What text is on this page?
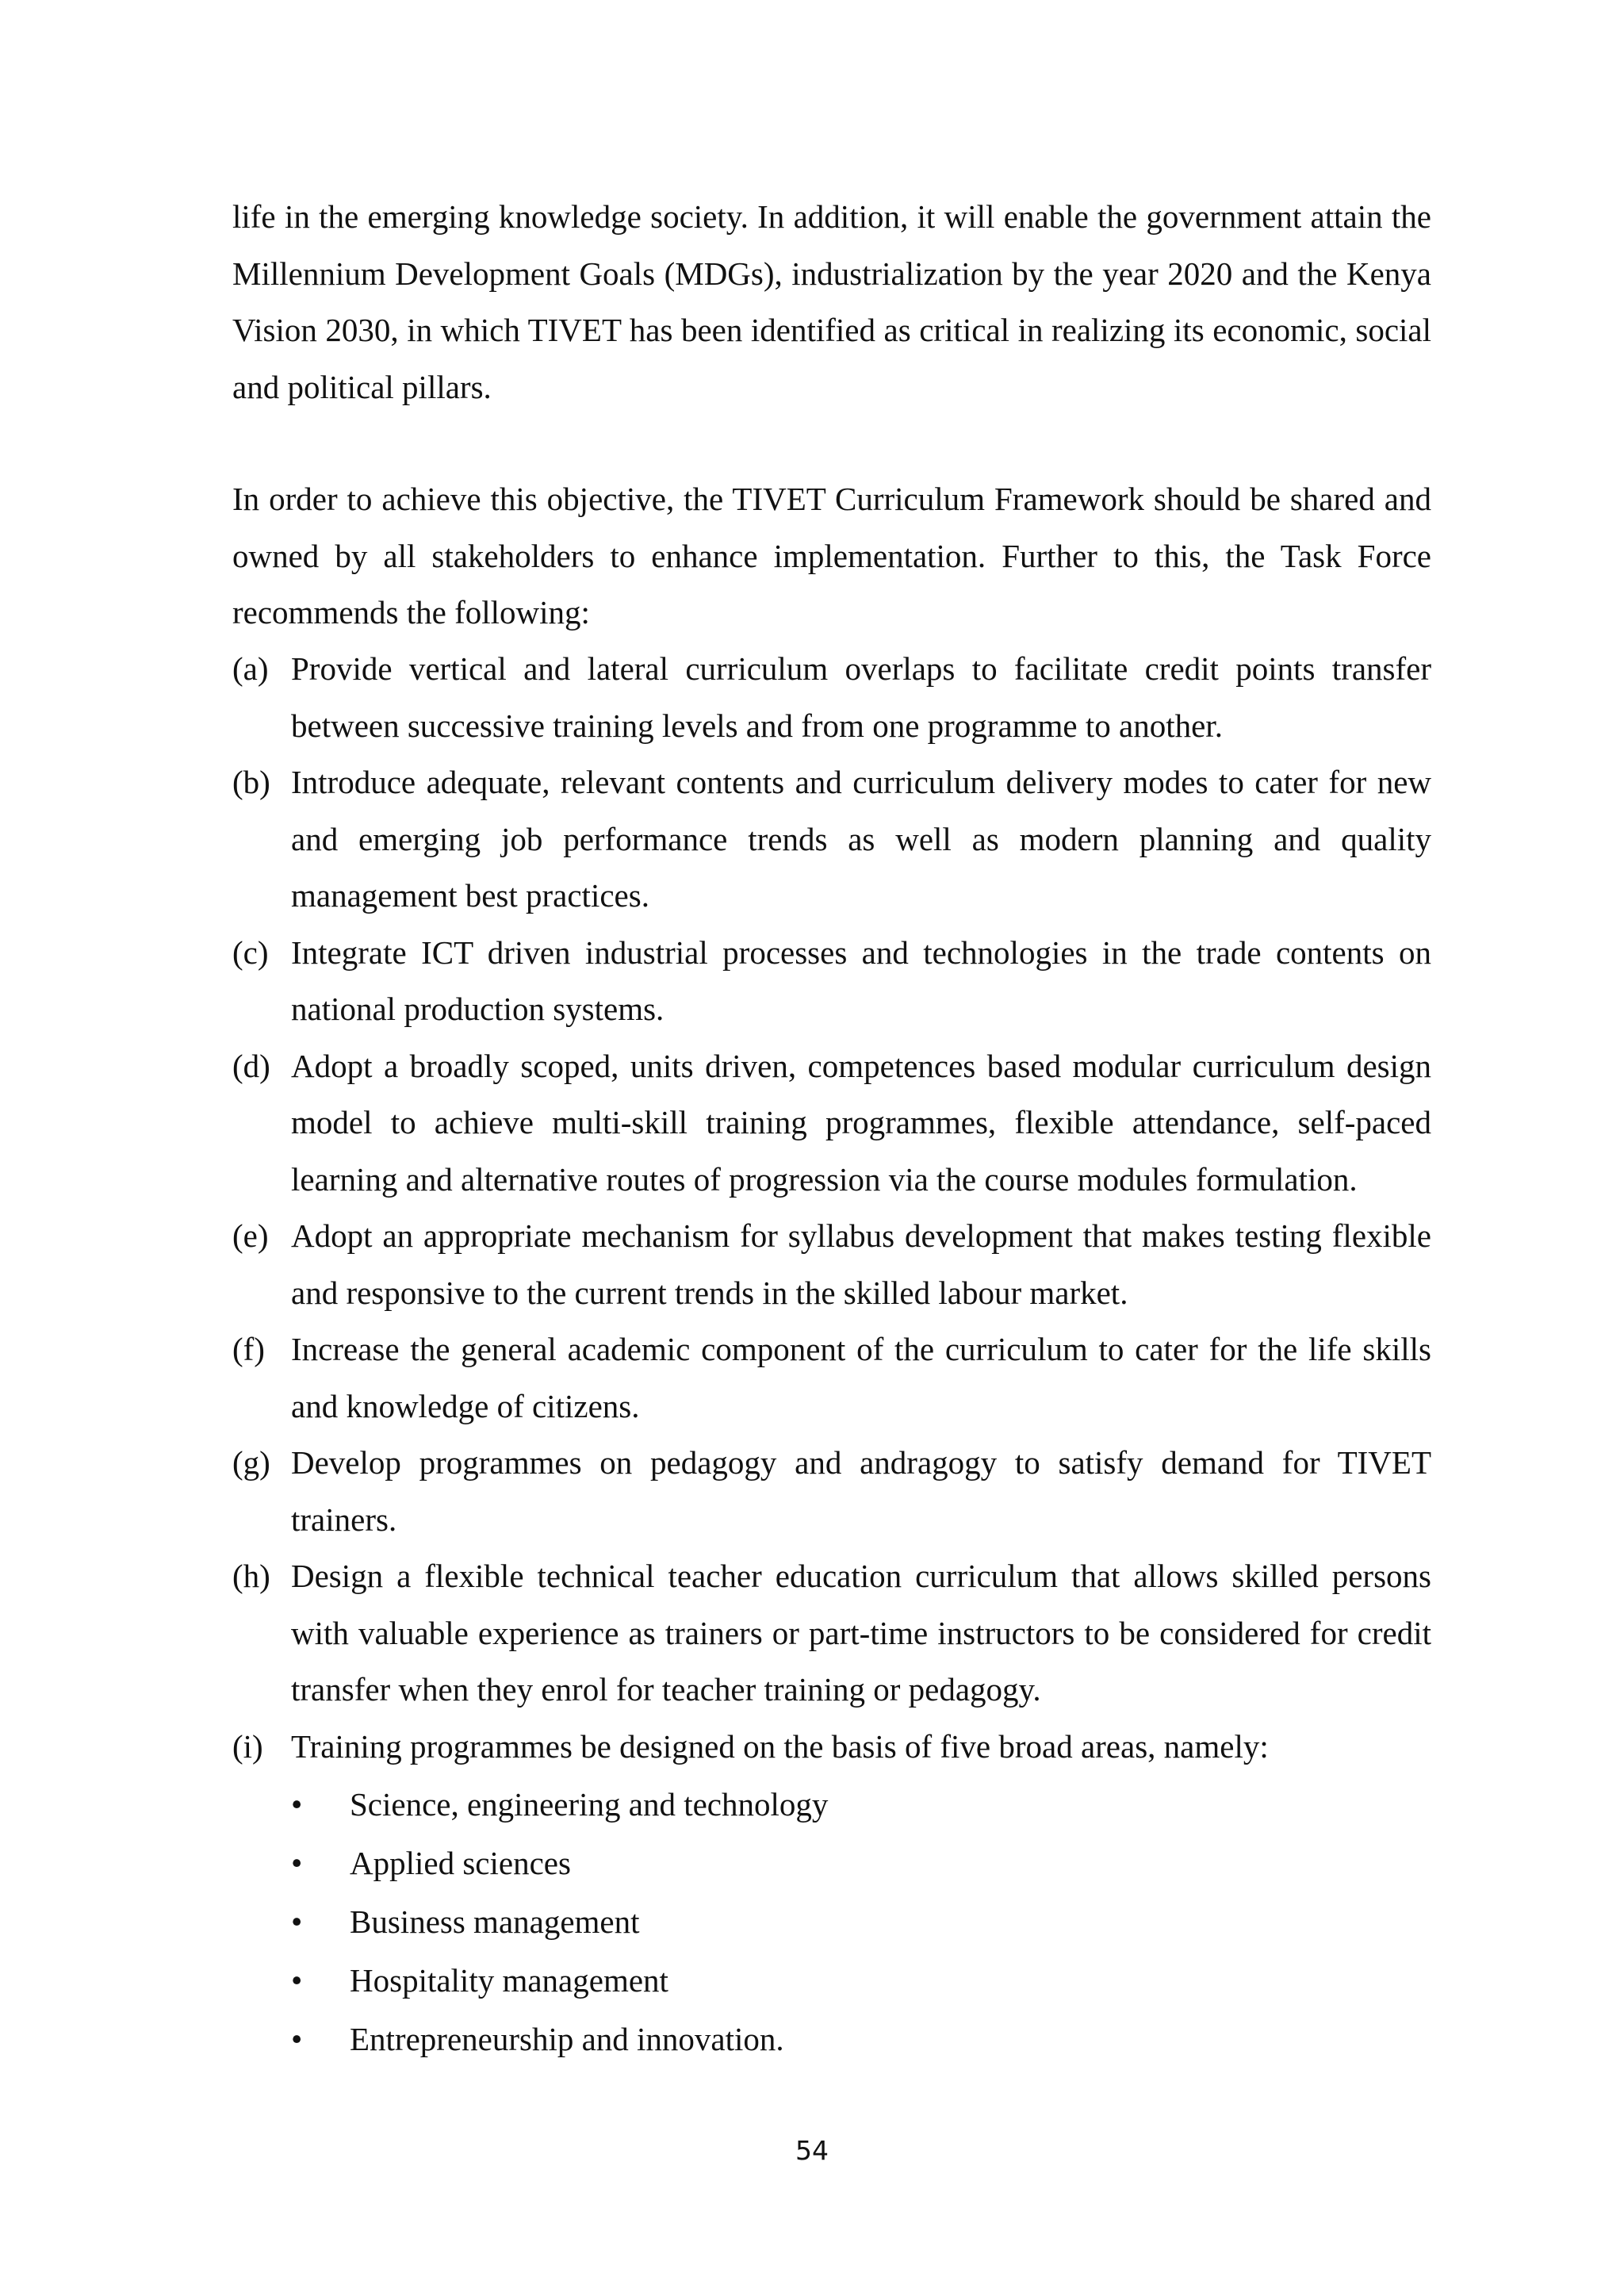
life in the emerging knowledge society. In addition, it will enable the government attain the Millennium Development Goals (MDGs), industrialization by the year 2020 and the Kenya Vision 2030, in which TIVET has been identified as critical in realizing its economic, social and political pillars.

In order to achieve this objective, the TIVET Curriculum Framework should be shared and owned by all stakeholders to enhance implementation. Further to this, the Task Force recommends the following:

(a) Provide vertical and lateral curriculum overlaps to facilitate credit points transfer between successive training levels and from one programme to another.
(b) Introduce adequate, relevant contents and curriculum delivery modes to cater for new and emerging job performance trends as well as modern planning and quality management best practices.
(c) Integrate ICT driven industrial processes and technologies in the trade contents on national production systems.
(d) Adopt a broadly scoped, units driven, competences based modular curriculum design model to achieve multi-skill training programmes, flexible attendance, self-paced learning and alternative routes of progression via the course modules formulation.
(e) Adopt an appropriate mechanism for syllabus development that makes testing flexible and responsive to the current trends in the skilled labour market.
(f) Increase the general academic component of the curriculum to cater for the life skills and knowledge of citizens.
(g) Develop programmes on pedagogy and andragogy to satisfy demand for TIVET trainers.
(h) Design a flexible technical teacher education curriculum that allows skilled persons with valuable experience as trainers or part-time instructors to be considered for credit transfer when they enrol for teacher training or pedagogy.
(i) Training programmes be designed on the basis of five broad areas, namely:
• Science, engineering and technology
• Applied sciences
• Business management
• Hospitality management
• Entrepreneurship and innovation.
54
